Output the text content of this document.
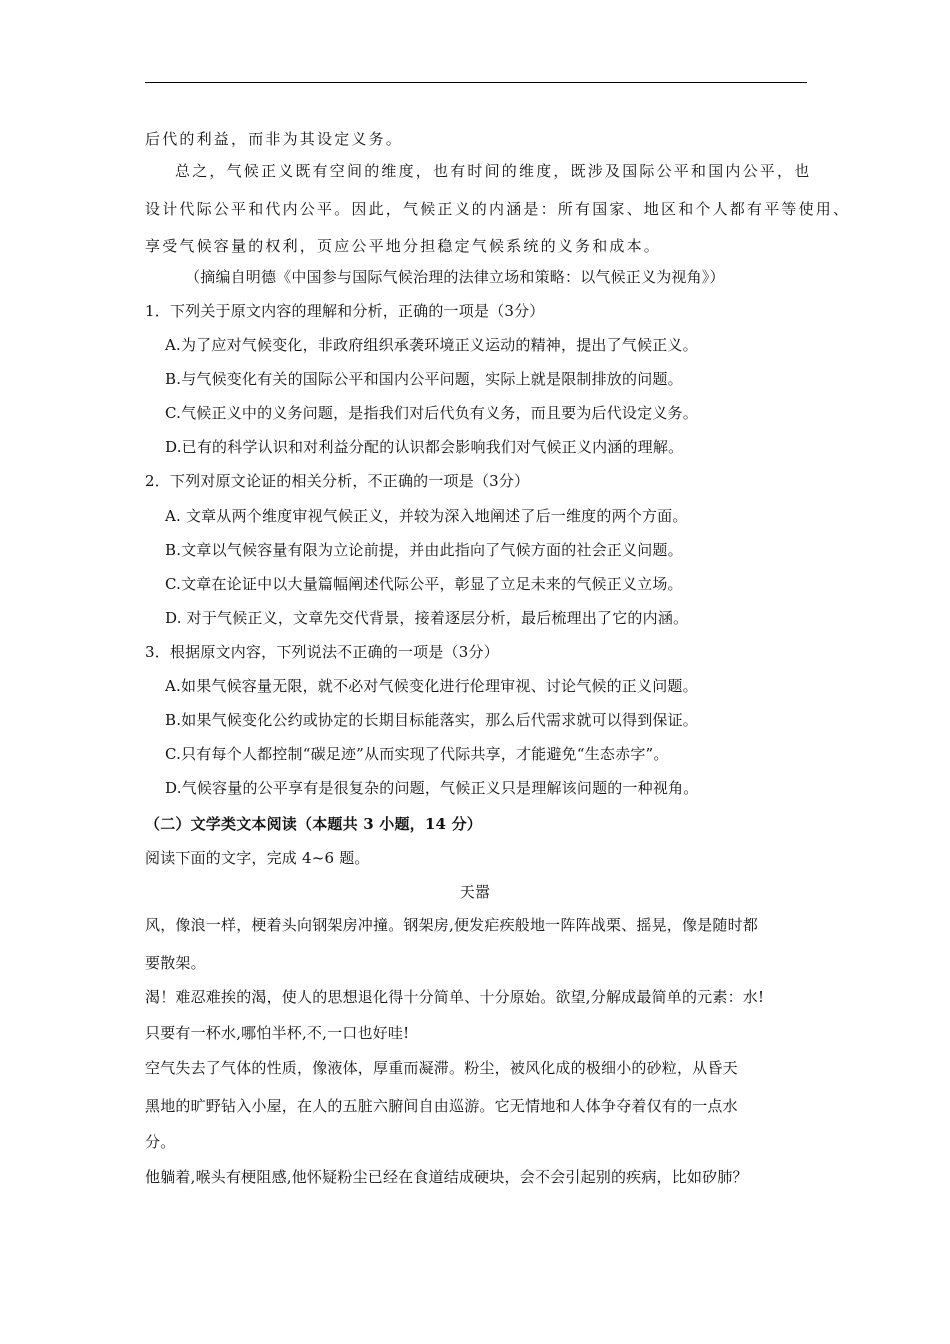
后代的利益，而非为其设定义务。
总之，气候正义既有空间的维度，也有时间的维度，既涉及国际公平和国内公平，也
设计代际公平和代内公平。因此，气候正义的内涵是：所有国家、地区和个人都有平等使用、
享受气候容量的权利，页应公平地分担稳定气候系统的义务和成本。
（摘编自明德《中国参与国际气候治理的法律立场和策略：以气候正义为视角》）
1．下列关于原文内容的理解和分析，正确的一项是（3分）
A.为了应对气候变化，非政府组织承袭环境正义运动的精神，提出了气候正义。
B.与气候变化有关的国际公平和国内公平问题，实际上就是限制排放的问题。
C.气候正义中的义务问题，是指我们对后代负有义务，而且要为后代设定义务。
D.已有的科学认识和对利益分配的认识都会影响我们对气候正义内涵的理解。
2．下列对原文论证的相关分析，不正确的一项是（3分）
A. 文章从两个维度审视气候正义，并较为深入地阐述了后一维度的两个方面。
B.文章以气候容量有限为立论前提，并由此指向了气候方面的社会正义问题。
C.文章在论证中以大量篇幅阐述代际公平，彰显了立足未来的气候正义立场。
D. 对于气候正义，文章先交代背景，接着逐层分析，最后梳理出了它的内涵。
3．根据原文内容，下列说法不正确的一项是（3分）
A.如果气候容量无限，就不必对气候变化进行伦理审视、讨论气候的正义问题。
B.如果气候变化公约或协定的长期目标能落实，那么后代需求就可以得到保证。
C.只有每个人都控制“碳足迹”从而实现了代际共享，才能避免“生态赤字”。
D.气候容量的公平享有是很复杂的问题，气候正义只是理解该问题的一种视角。
（二）文学类文本阅读（本题共 3 小题，14 分）
阅读下面的文字，完成 4~6 题。
天嚣
风，像浪一样，梗着头向钢架房冲撞。钢架房,便发疟疾般地一阵阵战栗、摇晃，像是随时都
要散架。
渴！难忍难挨的渴，使人的思想退化得十分简单、十分原始。欲望,分解成最简单的元素：水!
只要有一杯水,哪怕半杯,不,一口也好哇!
空气失去了气体的性质，像液体，厚重而凝滞。粉尘，被风化成的极细小的砂粒，从昏天
黑地的旷野钻入小屋，在人的五脏六腑间自由巡游。它无情地和人体争夺着仅有的一点水
分。
他躺着,喉头有梗阻感,他怀疑粉尘已经在食道结成硬块，会不会引起别的疾病，比如矽肺？
